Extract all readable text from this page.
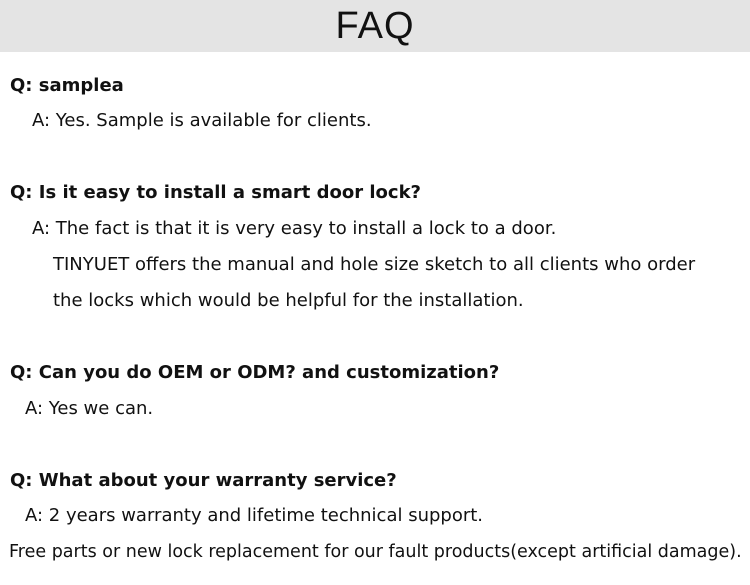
FAQ
Q: samplea
A: Yes. Sample is available for clients.
Q: Is it easy to install a smart door lock?
A: The fact is that it is very easy to install a lock to a door.
TINYUET offers the manual and hole size sketch to all clients who order
the locks which would be helpful for the installation.
Q: Can you do OEM or ODM? and customization?
A: Yes we can.
Q: What about your warranty service?
A: 2 years warranty and lifetime technical support.
Free parts or new lock replacement for our fault products(except artificial damage).
